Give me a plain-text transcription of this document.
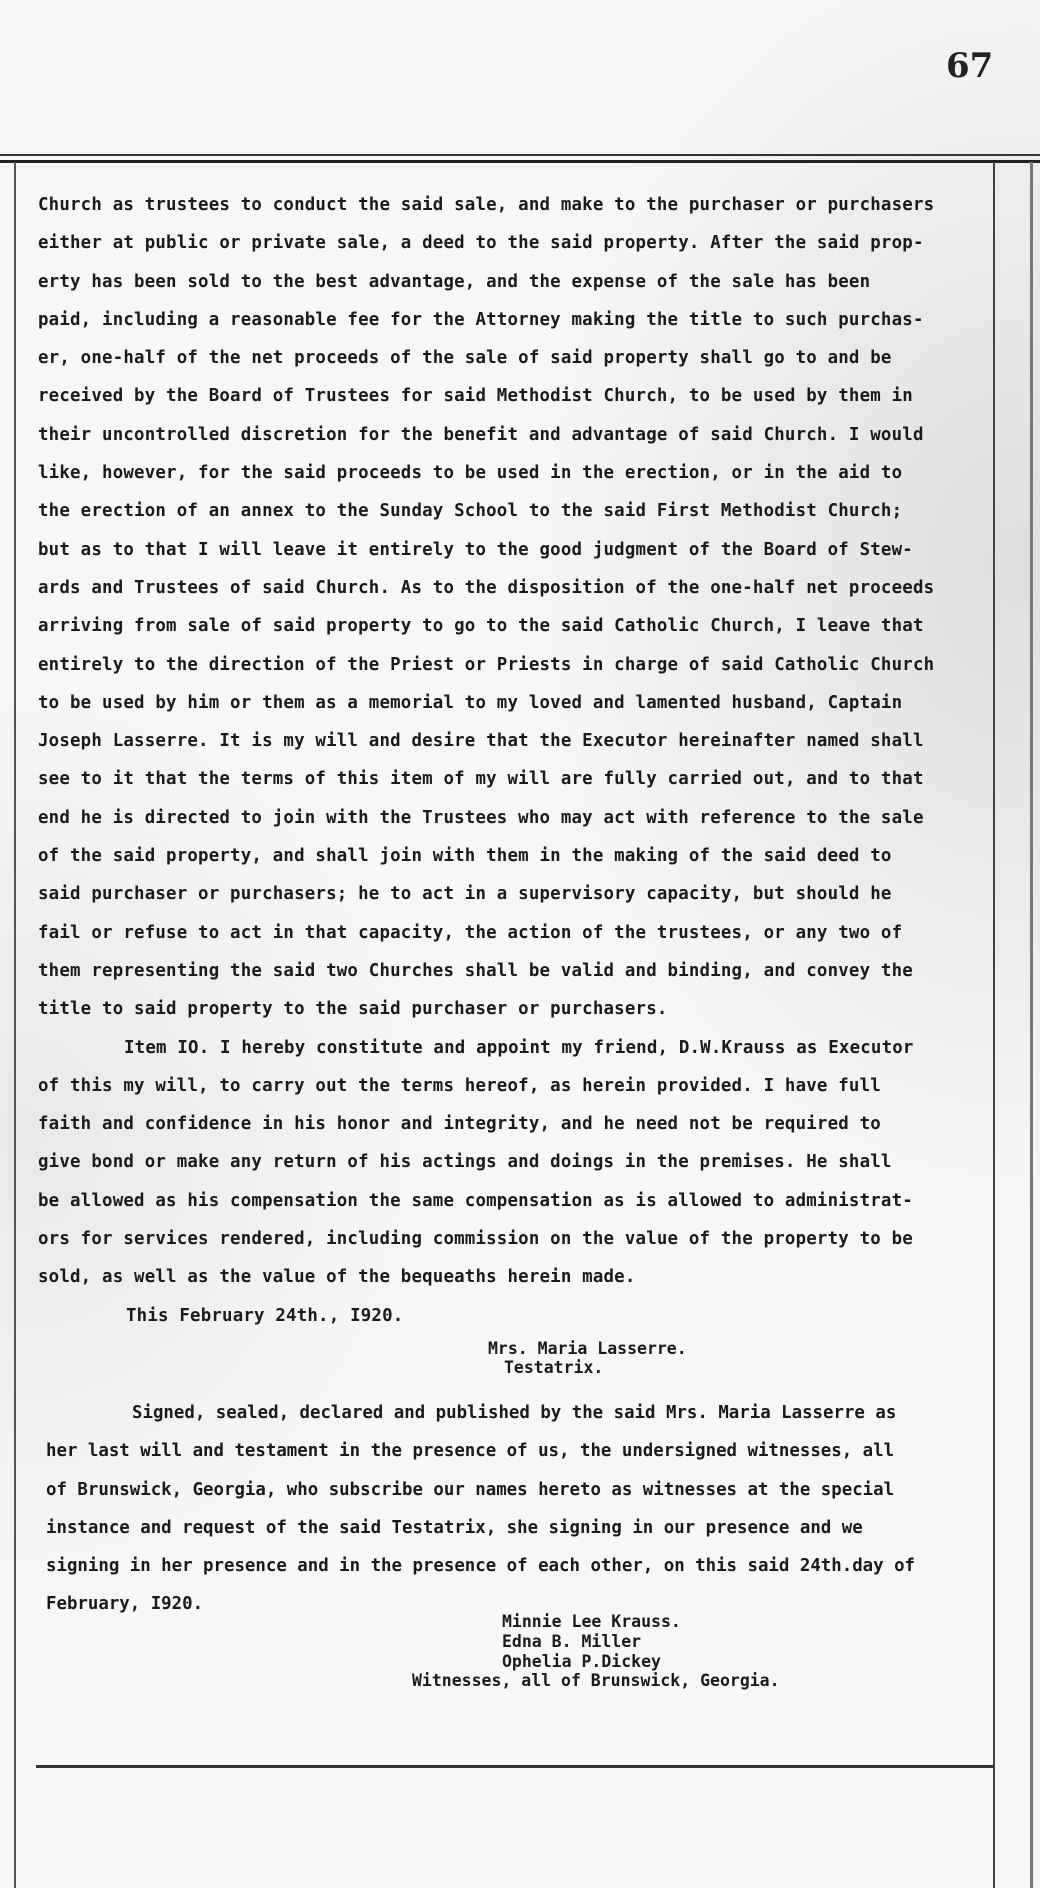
67
Church as trustees to conduct the said sale, and make to the purchaser or purchasers
either at public or private sale, a deed to the said property. After the said prop-
erty has been sold to the best advantage, and the expense of the sale has been
paid, including a reasonable fee for the Attorney making the title to such purchas-
er, one-half of the net proceeds of the sale of said property shall go to and be
received by the Board of Trustees for said Methodist Church, to be used by them in
their uncontrolled discretion for the benefit and advantage of said Church. I would
like, however, for the said proceeds to be used in the erection, or in the aid to
the erection of an annex to the Sunday School to the said First Methodist Church;
but as to that I will leave it entirely to the good judgment of the Board of Stew-
ards and Trustees of said Church. As to the disposition of the one-half net proceeds
arriving from sale of said property to go to the said Catholic Church, I leave that
entirely to the direction of the Priest or Priests in charge of said Catholic Church
to be used by him or them as a memorial to my loved and lamented husband, Captain
Joseph Lasserre. It is my will and desire that the Executor hereinafter named shall
see to it that the terms of this item of my will are fully carried out, and to that
end he is directed to join with the Trustees who may act with reference to the sale
of the said property, and shall join with them in the making of the said deed to
said purchaser or purchasers; he to act in a supervisory capacity, but should he
fail or refuse to act in that capacity, the action of the trustees, or any two of
them representing the said two Churches shall be valid and binding, and convey the
title to said property to the said purchaser or purchasers.
Item IO. I hereby constitute and appoint my friend, D.W.Krauss as Executor
of this my will, to carry out the terms hereof, as herein provided. I have full
faith and confidence in his honor and integrity, and he need not be required to
give bond or make any return of his actings and doings in the premises. He shall
be allowed as his compensation the same compensation as is allowed to administrat-
ors for services rendered, including commission on the value of the property to be
sold, as well as the value of the bequeaths herein made.
This February 24th., I920.
Mrs. Maria Lasserre.
Testatrix.
Signed, sealed, declared and published by the said Mrs. Maria Lasserre as
her last will and testament in the presence of us, the undersigned witnesses, all
of Brunswick, Georgia, who subscribe our names hereto as witnesses at the special
instance and request of the said Testatrix, she signing in our presence and we
signing in her presence and in the presence of each other, on this said 24th.day of
February, I920.
Minnie Lee Krauss.
Edna B. Miller
Ophelia P.Dickey
Witnesses, all of Brunswick, Georgia.
